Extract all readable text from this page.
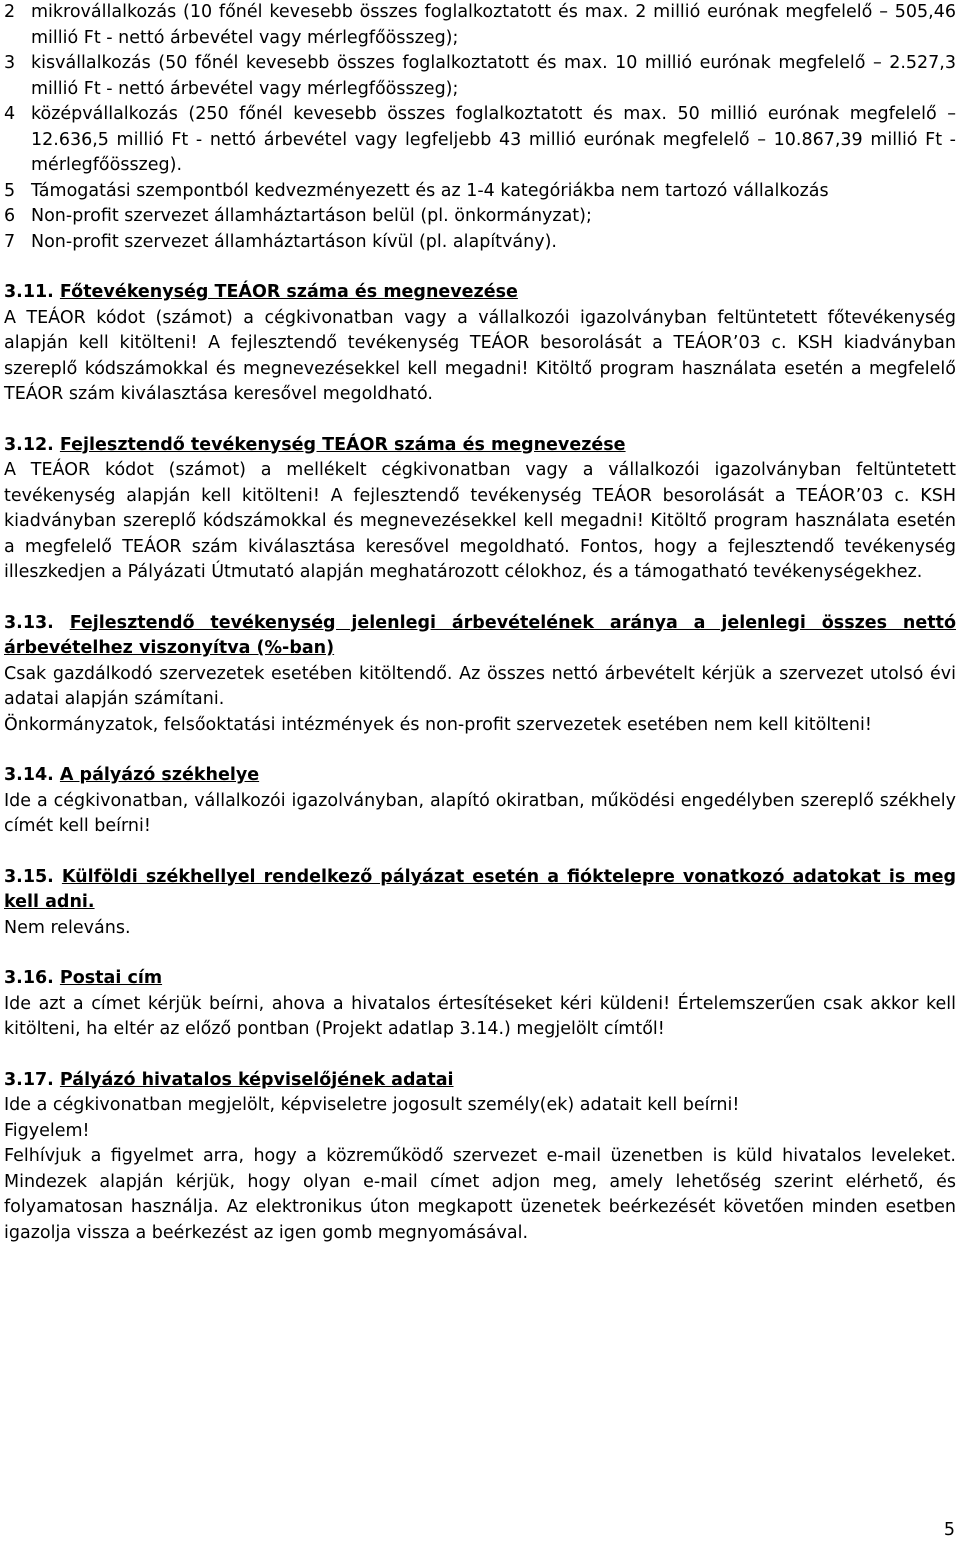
2 mikrovállalkozás (10 főnél kevesebb összes foglalkoztatott és max. 2 millió eurónak megfelelő – 505,46 millió Ft - nettó árbevétel vagy mérlegfőösszeg);
3 kisvállalkozás (50 főnél kevesebb összes foglalkoztatott és max. 10 millió eurónak megfelelő – 2.527,3 millió Ft - nettó árbevétel vagy mérlegfőösszeg);
4 középvállalkozás (250 főnél kevesebb összes foglalkoztatott és max. 50 millió eurónak megfelelő – 12.636,5 millió Ft - nettó árbevétel vagy legfeljebb 43 millió eurónak megfelelő – 10.867,39 millió Ft - mérlegfőösszeg).
5 Támogatási szempontból kedvezményezett és az 1-4 kategóriákba nem tartozó vállalkozás
6 Non-profit szervezet államháztartáson belül (pl. önkormányzat);
7 Non-profit szervezet államháztartáson kívül (pl. alapítvány).
3.11. Főtevékenység TEÁOR száma és megnevezése

A TEÁOR kódot (számot) a cégkivonatban vagy a vállalkozói igazolványban feltüntetett főtevékenység alapján kell kitölteni! A fejlesztendő tevékenység TEÁOR besorolását a TEÁOR’03 c. KSH kiadványban szereplő kódszámokkal és megnevezésekkel kell megadni! Kitöltő program használata esetén a megfelelő TEÁOR szám kiválasztása keresővel megoldható.

3.12. Fejlesztendő tevékenység TEÁOR száma és megnevezése

A TEÁOR kódot (számot) a mellékelt cégkivonatban vagy a vállalkozói igazolványban feltüntetett tevékenység alapján kell kitölteni! A fejlesztendő tevékenység TEÁOR besorolását a TEÁOR’03 c. KSH kiadványban szereplő kódszámokkal és megnevezésekkel kell megadni! Kitöltő program használata esetén a megfelelő TEÁOR szám kiválasztása keresővel megoldható. Fontos, hogy a fejlesztendő tevékenység illeszkedjen a Pályázati Útmutató alapján meghatározott célokhoz, és a támogatható tevékenységekhez.

3.13. Fejlesztendő tevékenység jelenlegi árbevételének aránya a jelenlegi összes nettó árbevételhez viszonyítva (%-ban)

Csak gazdálkodó szervezetek esetében kitöltendő. Az összes nettó árbevételt kérjük a szervezet utolsó évi adatai alapján számítani.

Önkormányzatok, felsőoktatási intézmények és non-profit szervezetek esetében nem kell kitölteni!

3.14. A pályázó székhelye

Ide a cégkivonatban, vállalkozói igazolványban, alapító okiratban, működési engedélyben szereplő székhely címét kell beírni!

3.15. Külföldi székhellyel rendelkező pályázat esetén a fióktelepre vonatkozó adatokat is meg kell adni.

Nem releváns.

3.16. Postai cím

Ide azt a címet kérjük beírni, ahova a hivatalos értesítéseket kéri küldeni! Értelemszerűen csak akkor kell kitölteni, ha eltér az előző pontban (Projekt adatlap 3.14.) megjelölt címtől!

3.17. Pályázó hivatalos képviselőjének adatai

Ide a cégkivonatban megjelölt, képviseletre jogosult személy(ek) adatait kell beírni!

Figyelem!

Felhívjuk a figyelmet arra, hogy a közreműködő szervezet e-mail üzenetben is küld hivatalos leveleket. Mindezek alapján kérjük, hogy olyan e-mail címet adjon meg, amely lehetőség szerint elérhető, és folyamatosan használja. Az elektronikus úton megkapott üzenetek beérkezését követően minden esetben igazolja vissza a beérkezést az igen gomb megnyomásával.

5
